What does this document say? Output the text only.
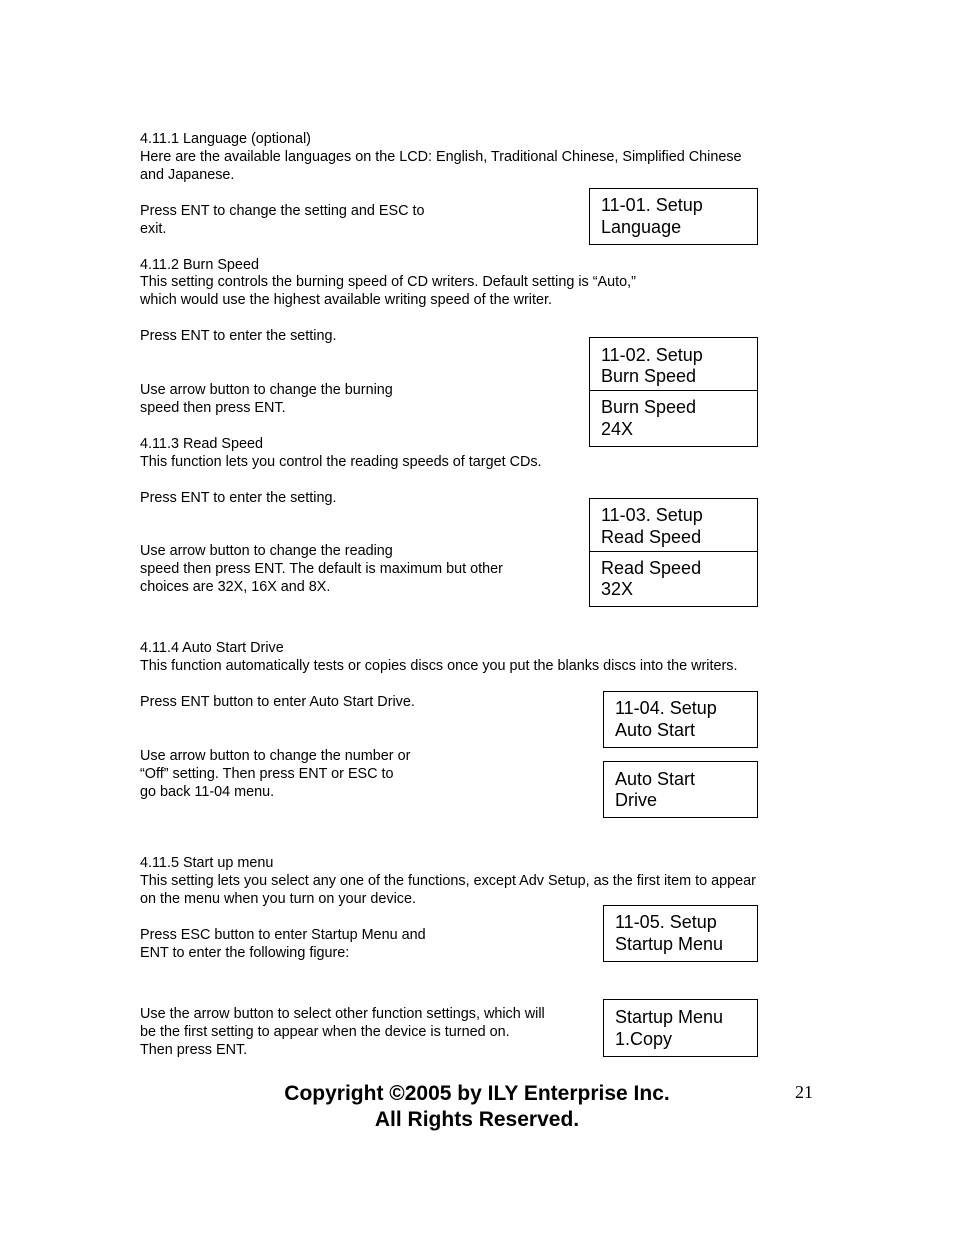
4.11.1 Language (optional)
Here are the available languages on the LCD: English, Traditional Chinese, Simplified Chinese
and Japanese.
Press ENT to change the setting and ESC to
exit.
11-01. Setup
Language
4.11.2 Burn Speed
This setting controls the burning speed of CD writers. Default setting is “Auto,”
which would use the highest available writing speed of the writer.
Press ENT to enter the setting.
Use arrow button to change the burning
speed then press ENT.
11-02. Setup
Burn Speed
Burn Speed
24X
4.11.3 Read Speed
This function lets you control the reading speeds of target CDs.
Press ENT to enter the setting.
Use arrow button to change the reading
speed then press ENT. The default is maximum but other
choices are 32X, 16X and 8X.
11-03. Setup
Read Speed
Read Speed
32X
4.11.4 Auto Start Drive
This function automatically tests or copies discs once you put the blanks discs into the writers.
Press ENT button to enter Auto Start Drive.
Use arrow button to change the number or
“Off” setting. Then press ENT or ESC to
go back 11-04 menu.
11-04. Setup
Auto Start
Auto Start
Drive
4.11.5 Start up menu
This setting lets you select any one of the functions, except Adv Setup, as the first item to appear
on the menu when you turn on your device.
Press ESC button to enter Startup Menu and
ENT to enter the following figure:
Use the arrow button to select other function settings, which will
be the first setting to appear when the device is turned on.
Then press ENT.
11-05. Setup
Startup Menu
Startup Menu
1.Copy
Copyright ©2005 by ILY Enterprise Inc.
All Rights Reserved.
21
